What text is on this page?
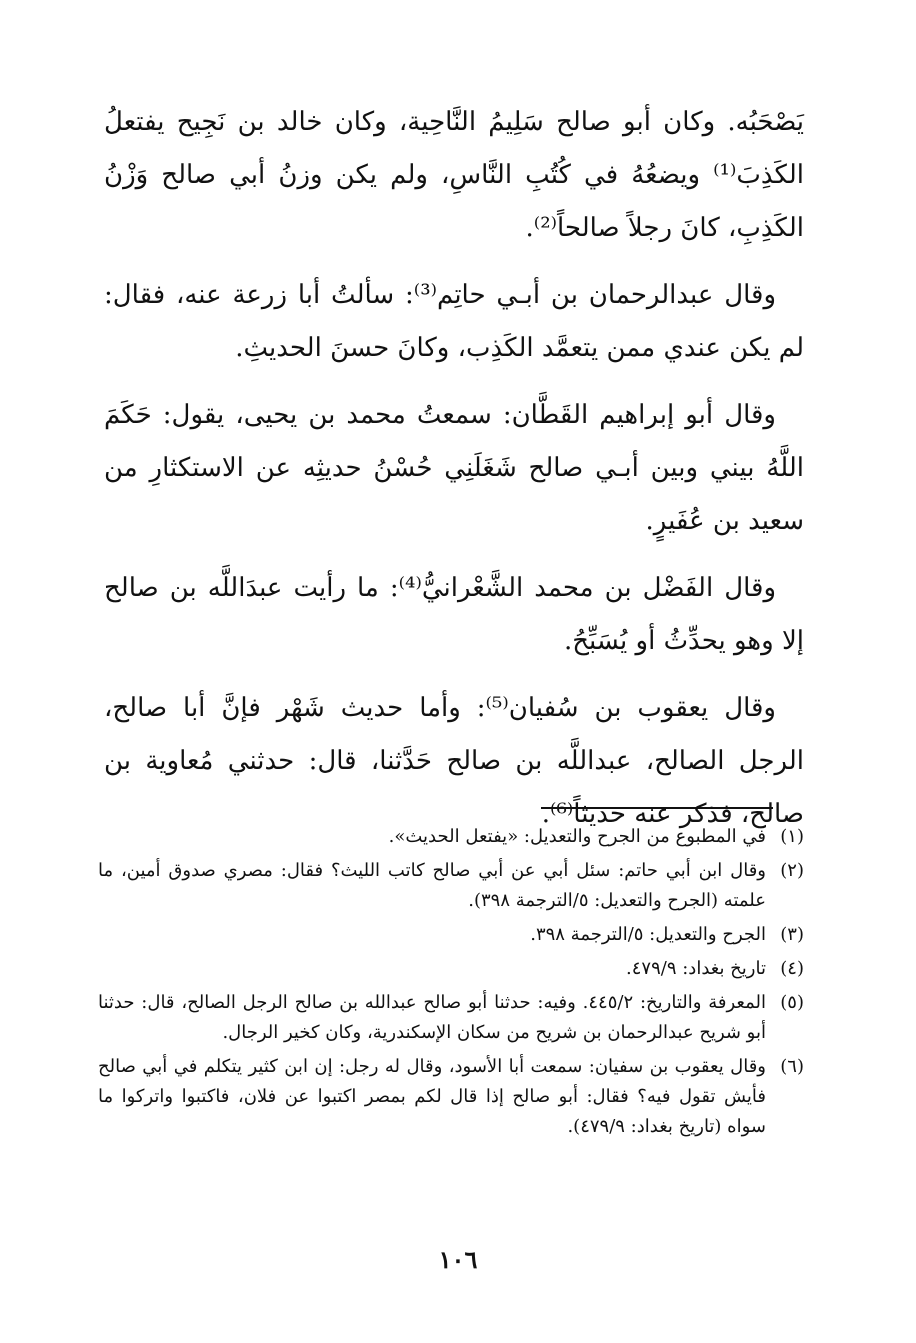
يَصْحَبُه. وكان أبو صالح سَلِيمُ النَّاحِية، وكان خالد بن نَجِيح يفتعلُ الكَذِبَ⁽¹⁾ ويضعُهُ في كُتُبِ النَّاسِ، ولم يكن وزنُ أبي صالح وَزْنُ الكَذِبِ، كانَ رجلاً صالحاً⁽²⁾.

وقال عبدالرحمان بن أبـي حاتِم⁽³⁾: سألتُ أبا زرعة عنه، فقال: لم يكن عندي ممن يتعمَّد الكَذِب، وكانَ حسنَ الحديثِ.

وقال أبو إبراهيم القَطَّان: سمعتُ محمد بن يحيى، يقول: حَكَمَ اللَّهُ بيني وبين أبـي صالح شَغَلَنِي حُسْنُ حديثِه عن الاستكثارِ من سعيد بن عُفَيرٍ.

وقال الفَضْل بن محمد الشَّعْرانيُّ⁽⁴⁾: ما رأيت عبدَاللَّه بن صالح إلا وهو يحدِّثُ أو يُسَبِّحُ.

وقال يعقوب بن سُفيان⁽⁵⁾: وأما حديث شَهْر فإنَّ أبا صالح، الرجل الصالح، عبداللَّه بن صالح حَدَّثنا، قال: حدثني مُعاوية بن صالح، فذكر عنه حديثاً⁽⁶⁾.

(١)
في المطبوع من الجرح والتعديل: «يفتعل الحديث».
(٢)
وقال ابن أبي حاتم: سئل أبي عن أبي صالح كاتب الليث؟ فقال: مصري صدوق أمين، ما علمته (الجرح والتعديل: ٥/الترجمة ٣٩٨).
(٣)
الجرح والتعديل: ٥/الترجمة ٣٩٨.
(٤)
تاريخ بغداد: ٤٧٩/٩.
(٥)
المعرفة والتاريخ: ٤٤٥/٢. وفيه: حدثنا أبو صالح عبدالله بن صالح الرجل الصالح، قال: حدثنا أبو شريح عبدالرحمان بن شريح من سكان الإسكندرية، وكان كخير الرجال.
(٦)
وقال يعقوب بن سفيان: سمعت أبا الأسود، وقال له رجل: إن ابن كثير يتكلم في أبي صالح فأيش تقول فيه؟ فقال: أبو صالح إذا قال لكم بمصر اكتبوا عن فلان، فاكتبوا واتركوا ما سواه (تاريخ بغداد: ٤٧٩/٩).
١٠٦
